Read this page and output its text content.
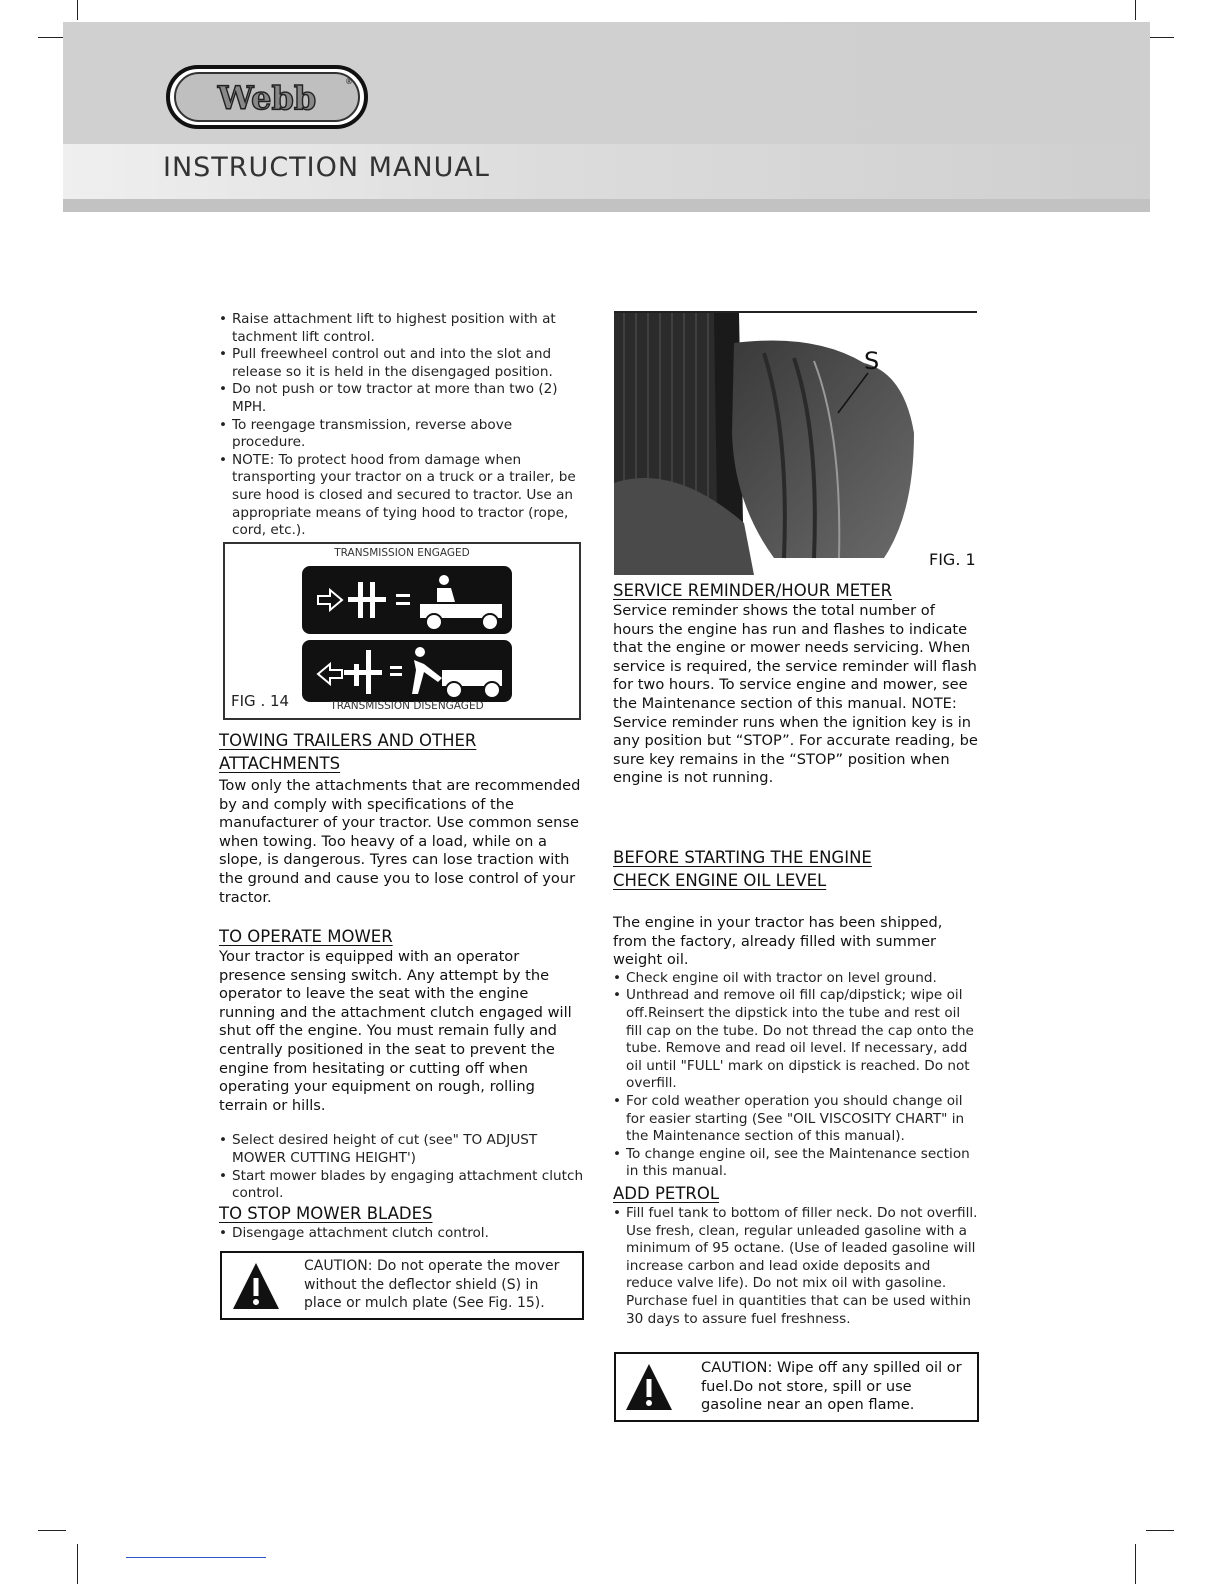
Webb	®
INSTRUCTION MANUAL
• Raise attachment lift to highest position with at tachment lift control.
• Pull freewheel control out and into the slot and release so it is held in the disengaged position.
• Do not push or tow tractor at more than two (2) MPH.
• To reengage transmission, reverse above procedure.
• NOTE: To protect hood from damage when transporting your tractor on a truck or a trailer, be sure hood is closed and secured to tractor. Use an appropriate means of tying hood to tractor (rope, cord, etc.).
TRANSMISSION ENGAGED
FIG . 14	TRANSMISSION DISENGAGED

TOWING TRAILERS AND OTHER

ATTACHMENTS

Tow only the attachments that are recommended by and comply with specifications of the manufacturer of your tractor. Use common sense when towing. Too heavy of a load, while on a slope, is dangerous. Tyres can lose traction with the ground and cause you to lose control of your tractor.

TO OPERATE MOWER

Your tractor is equipped with an operator presence sensing switch. Any attempt by the operator to leave the seat with the engine running and the attachment clutch engaged will shut off the engine. You must remain fully and centrally positioned in the seat to prevent the engine from hesitating or cutting off when operating your equipment on rough, rolling terrain or hills.

• Select desired height of cut (see" TO ADJUST MOWER CUTTING HEIGHT')
• Start mower blades by engaging attachment clutch control.

TO STOP MOWER BLADES

• Disengage attachment clutch control.
CAUTION: Do not operate the mover without the deflector shield (S) in place or mulch plate (See Fig. 15).
S
FIG. 1

SERVICE REMINDER/HOUR METER

Service reminder shows the total number of hours the engine has run and flashes to indicate that the engine or mower needs servicing. When service is required, the service reminder will flash for two hours. To service engine and mower, see the Maintenance section of this manual. NOTE: Service reminder runs when the ignition key is in any position but “STOP”. For accurate reading, be sure key remains in the “STOP” position when engine is not running.

BEFORE STARTING THE ENGINE

CHECK ENGINE OIL LEVEL

The engine in your tractor has been shipped, from the factory, already filled with summer weight oil.

• Check engine oil with tractor on level ground.
• Unthread and remove oil fill cap/dipstick; wipe oil off.Reinsert the dipstick into the tube and rest oil fill cap on the tube. Do not thread the cap onto the tube. Remove and read oil level. If necessary, add oil until "FULL' mark on dipstick is reached. Do not overfill.
• For cold weather operation you should change oil for easier starting (See "OIL VISCOSITY CHART" in the Maintenance section of this manual).
• To change engine oil, see the Maintenance section in this manual.

ADD PETROL

• Fill fuel tank to bottom of filler neck. Do not overfill. Use fresh, clean, regular unleaded gasoline with a minimum of 95 octane. (Use of leaded gasoline will increase carbon and lead oxide deposits and reduce valve life). Do not mix oil with gasoline. Purchase fuel in quantities that can be used within 30 days to assure fuel freshness.
CAUTION: Wipe off any spilled oil or fuel.Do not store, spill or use gasoline near an open flame.
